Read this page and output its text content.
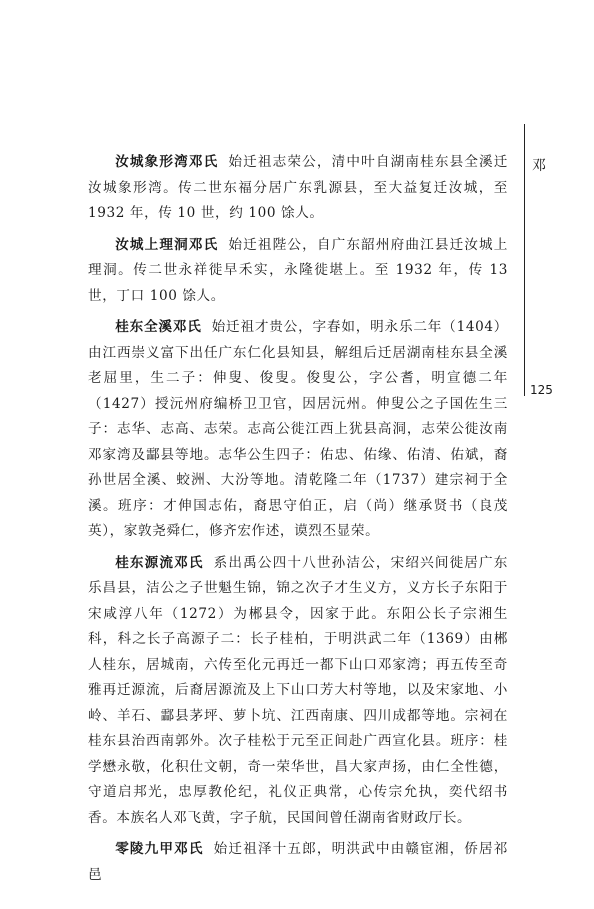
邓
125

汝城象形湾邓氏 始迁祖志荣公，清中叶自湖南桂东县全溪迁汝城象形湾。传二世东福分居广东乳源县，至大益复迁汝城，至 1932 年，传 10 世，约 100 馀人。

汝城上理洞邓氏 始迁祖陛公，自广东韶州府曲江县迁汝城上理洞。传二世永祥徙早禾实，永隆徙堪上。至 1932 年，传 13 世，丁口 100 馀人。

桂东全溪邓氏 始迁祖才贵公，字春如，明永乐二年（1404）由江西崇义富下出任广东仁化县知县，解组后迁居湖南桂东县全溪老屈里，生二子：伸叟、俊叟。俊叟公，字公耆，明宣德二年（1427）授沅州府编桥卫卫官，因居沅州。伸叟公之子国佐生三子：志华、志高、志荣。志高公徙江西上犹县高洞，志荣公徙汝南邓家湾及酃县等地。志华公生四子：佑忠、佑缘、佑清、佑斌，裔孙世居全溪、蛟洲、大汾等地。清乾隆二年（1737）建宗祠于全溪。班序：才伸国志佑，裔思守伯正，启（尚）继承贤书（良茂英），家敦尧舜仁，修齐宏作述，谟烈丕显荣。

桂东源流邓氏 系出禹公四十八世孙洁公，宋绍兴间徙居广东乐昌县，洁公之子世魁生锦，锦之次子才生义方，义方长子东阳于宋咸淳八年（1272）为郴县令，因家于此。东阳公长子宗湘生科，科之长子高源子二：长子桂柏，于明洪武二年（1369）由郴人桂东，居城南，六传至化元再迁一都下山口邓家湾；再五传至奇雅再迁源流，后裔居源流及上下山口芳大村等地，以及宋家地、小岭、羊石、酃县茅坪、萝卜坑、江西南康、四川成都等地。宗祠在桂东县治西南郭外。次子桂松于元至正间赴广西宣化县。班序：桂学懋永敬，化积仕文朝，奇一荣华世，昌大家声扬，由仁全性德，守道启邦光，忠厚教伦纪，礼仪正典常，心传宗允执，奕代绍书香。本族名人邓飞黄，字子航，民国间曾任湖南省财政厅长。

零陵九甲邓氏 始迁祖泽十五郎，明洪武中由赣宦湘，侨居祁邑
